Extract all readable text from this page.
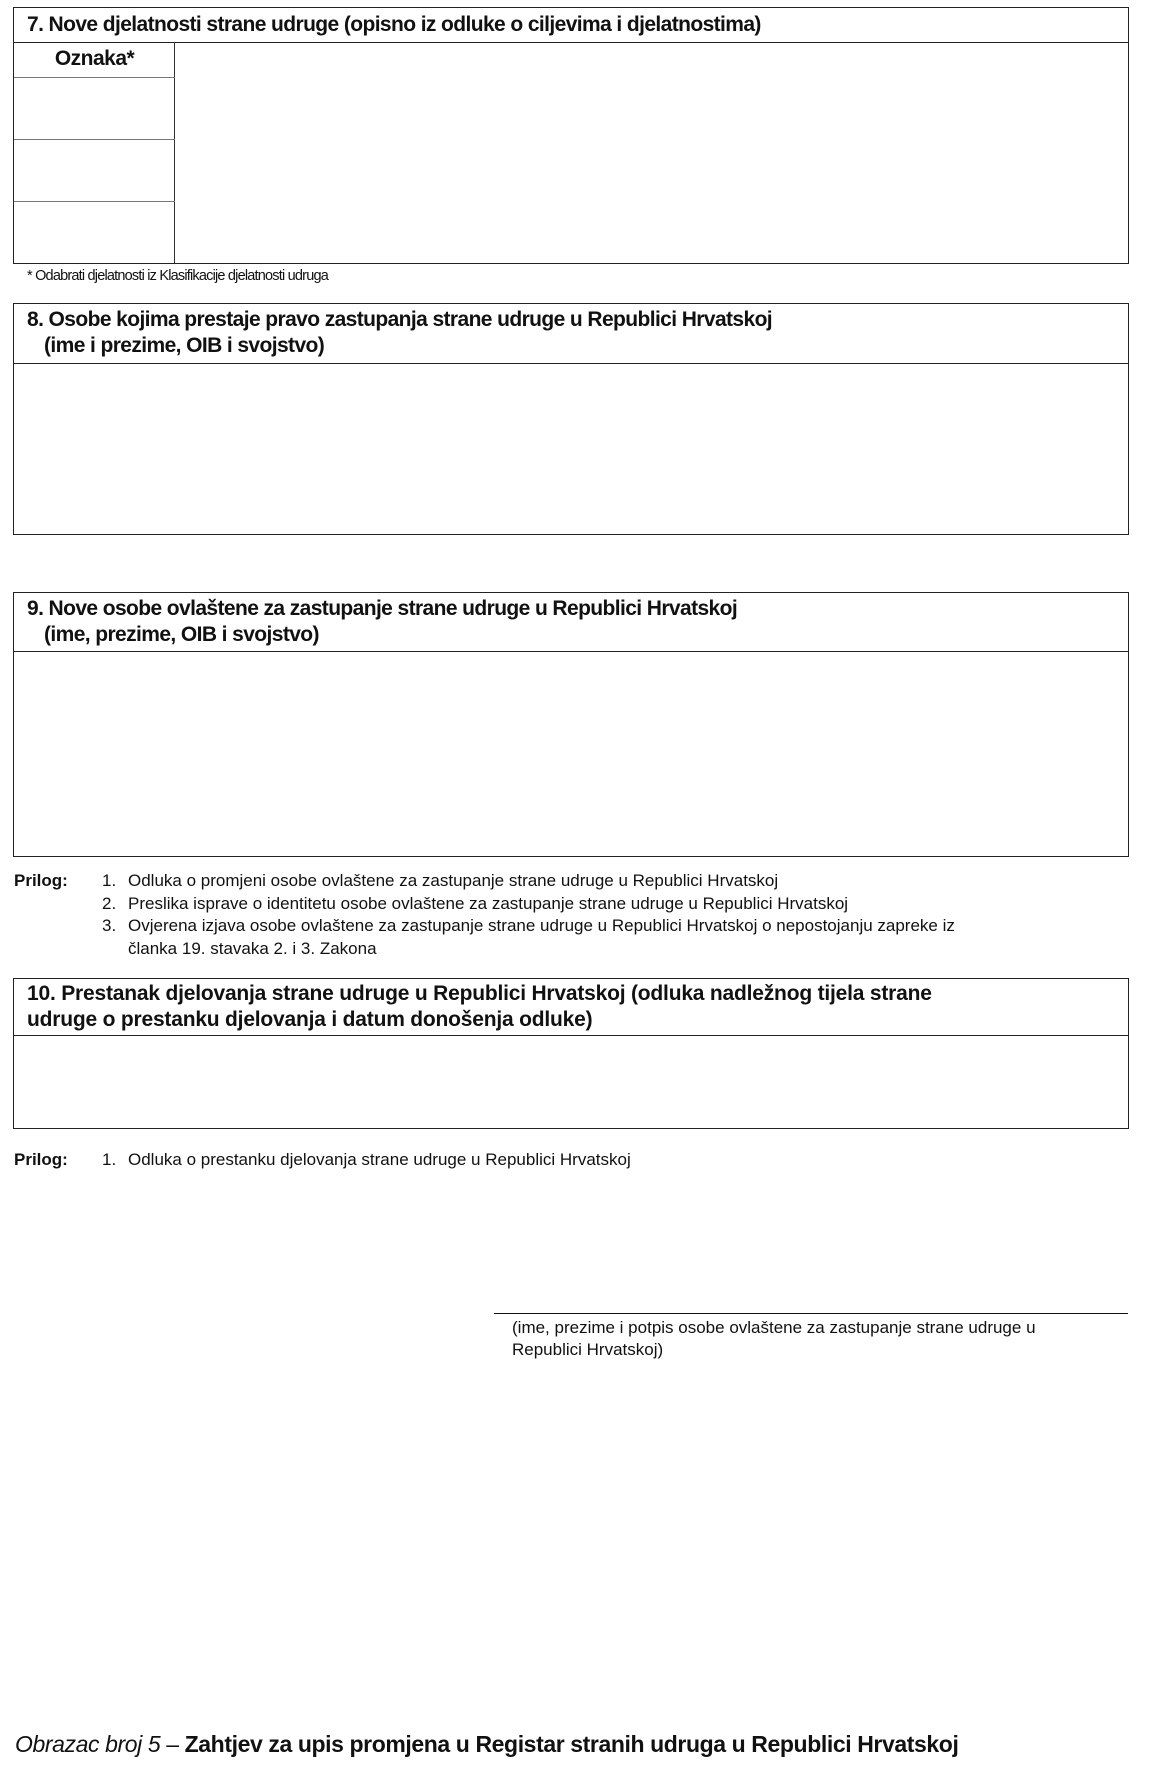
7. Nove djelatnosti strane udruge (opisno iz odluke o ciljevima i djelatnostima)
Oznaka*
* Odabrati djelatnosti iz Klasifikacije djelatnosti udruga
8. Osobe kojima prestaje pravo zastupanja strane udruge u Republici Hrvatskoj
(ime i prezime, OIB i svojstvo)
9. Nove osobe ovlaštene za zastupanje strane udruge u Republici Hrvatskoj
(ime, prezime, OIB i svojstvo)
Prilog: 1. Odluka o promjeni osobe ovlaštene za zastupanje strane udruge u Republici Hrvatskoj
2. Preslika isprave o identitetu osobe ovlaštene za zastupanje strane udruge u Republici Hrvatskoj
3. Ovjerena izjava osobe ovlaštene za zastupanje strane udruge u Republici Hrvatskoj o nepostojanju zapreke iz
članka 19. stavaka 2. i 3. Zakona
10. Prestanak djelovanja strane udruge u Republici Hrvatskoj (odluka nadležnog tijela strane
udruge o prestanku djelovanja i datum donošenja odluke)
Prilog: 1. Odluka o prestanku djelovanja strane udruge u Republici Hrvatskoj
(ime, prezime i potpis osobe ovlaštene za zastupanje strane udruge u
Republici Hrvatskoj)
Obrazac broj 5 – Zahtjev za upis promjena u Registar stranih udruga u Republici Hrvatskoj
